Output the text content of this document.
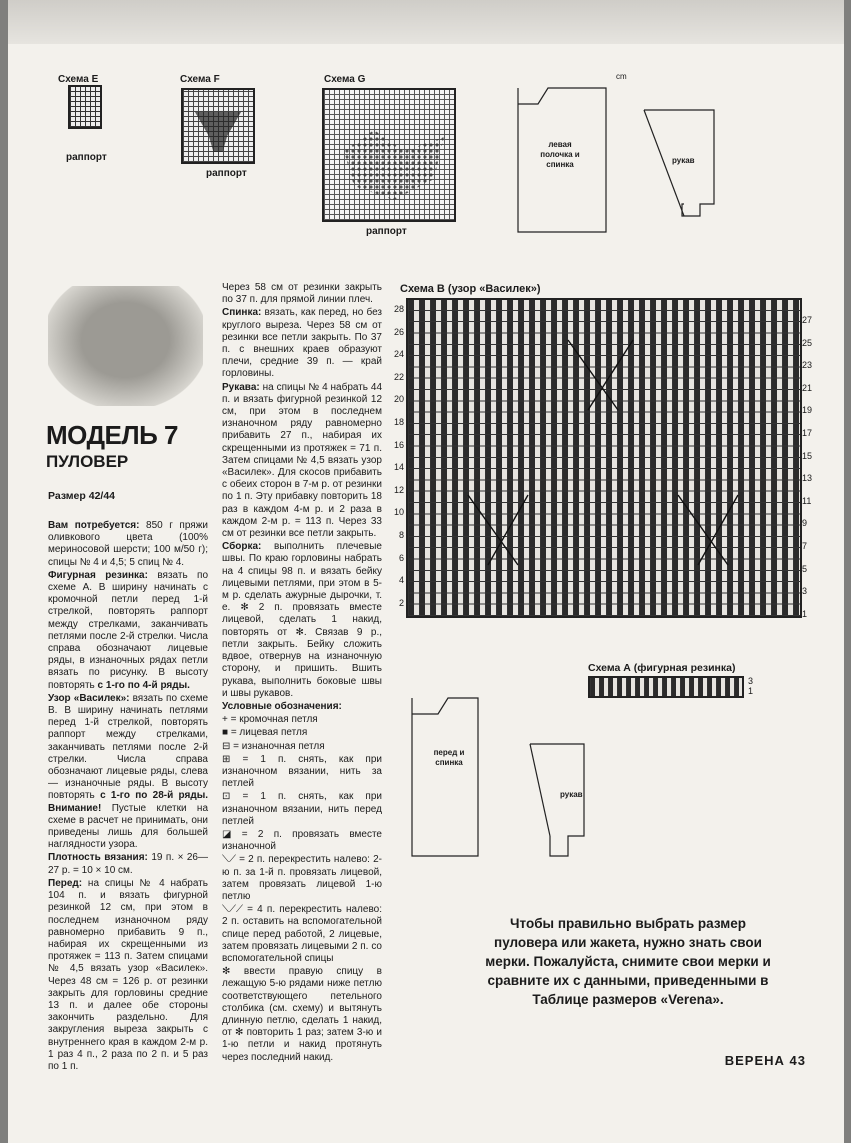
Схема E
раппорт
Схема F
раппорт
Схема G
раппорт
левая полочка и спинка	рукав
cm
МОДЕЛЬ 7
ПУЛОВЕР
Размер 42/44

Вам потребуется: 850 г пряжи оливкового цвета (100% мериносовой шерсти; 100 м/50 г); спицы № 4 и 4,5; 5 спиц № 4.

Фигурная резинка: вязать по схеме А. В ширину начинать с кромочной петли перед 1-й стрелкой, повторять раппорт между стрелками, заканчивать петлями после 2-й стрелки. Числа справа обозначают лицевые ряды, в изнаночных рядах петли вязать по рисунку. В высоту повторять с 1-го по 4-й ряды.

Узор «Василек»: вязать по схеме В. В ширину начинать петлями перед 1-й стрелкой, повторять раппорт между стрелками, заканчивать петлями после 2-й стрелки. Числа справа обозначают лицевые ряды, слева — изнаночные ряды. В высоту повторять с 1-го по 28-й ряды. Внимание! Пустые клетки на схеме в расчет не принимать, они приведены лишь для большей наглядности узора.

Плотность вязания: 19 п. × 26—27 р. = 10 × 10 см.

Перед: на спицы № 4 набрать 104 п. и вязать фигурной резинкой 12 см, при этом в последнем изнаночном ряду равномерно прибавить 9 п., набирая их скрещенными из протяжек = 113 п. Затем спицами № 4,5 вязать узор «Василек». Через 48 см = 126 р. от резинки закрыть для горловины средние 13 п. и далее обе стороны закончить раздельно. Для закругления выреза закрыть с внутреннего края в каждом 2-м р. 1 раз 4 п., 2 раза по 2 п. и 5 раз по 1 п.

Через 58 см от резинки закрыть по 37 п. для прямой линии плеч.

Спинка: вязать, как перед, но без круглого выреза. Через 58 см от резинки все петли закрыть. По 37 п. с внешних краев образуют плечи, средние 39 п. — край горловины.

Рукава: на спицы № 4 набрать 44 п. и вязать фигурной резинкой 12 см, при этом в последнем изнаночном ряду равномерно прибавить 27 п., набирая их скрещенными из протяжек = 71 п. Затем спицами № 4,5 вязать узор «Василек». Для скосов прибавить с обеих сторон в 7-м р. от резинки по 1 п. Эту прибавку повторить 18 раз в каждом 4-м р. и 2 раза в каждом 2-м р. = 113 п. Через 33 см от резинки все петли закрыть.

Сборка: выполнить плечевые швы. По краю горловины набрать на 4 спицы 98 п. и вязать бейку лицевыми петлями, при этом в 5-м р. сделать ажурные дырочки, т. е. ✻ 2 п. провязать вместе лицевой, сделать 1 накид, повторять от ✻. Связав 9 р., петли закрыть. Бейку сложить вдвое, отвернув на изнаночную сторону, и пришить. Вшить рукава, выполнить боковые швы и швы рукавов.

Условные обозначения:

+ = кромочная петля

■ = лицевая петля

⊟ = изнаночная петля

⊞ = 1 п. снять, как при изнаночном вязании, нить за петлей

⊡ = 1 п. снять, как при изнаночном вязании, нить перед петлей

◪ = 2 п. провязать вместе изнаночной

⟍⟋ = 2 п. перекрестить налево: 2-ю п. за 1-й п. провязать лицевой, затем провязать лицевой 1-ю петлю

⟍⟋⟋ = 4 п. перекрестить налево: 2 п. оставить на вспомогательной спице перед работой, 2 лицевые, затем провязать лицевыми 2 п. со вспомогательной спицы

✻ ввести правую спицу в лежащую 5-ю рядами ниже петлю соответствующего петельного столбика (см. схему) и вытянуть длинную петлю, сделать 1 накид, от ✻ повторить 1 раз; затем 3-ю и 1-ю петли и накид протянуть через последний накид.

Схема В (узор «Василек»)
28
26
24
22
20
18
16
14
12
10
8
6
4
2
27
25
23
21
19
17
15
13
11
9
7
5
3
1
Схема А (фигурная резинка)
3
1
перед и спинка
рукав
Чтобы правильно выбрать размер пуловера или жакета, нужно знать свои мерки. Пожалуйста, снимите свои мерки и сравните их с данными, приведенными в Таблице размеров «Verena».
ВЕРЕНА 43
